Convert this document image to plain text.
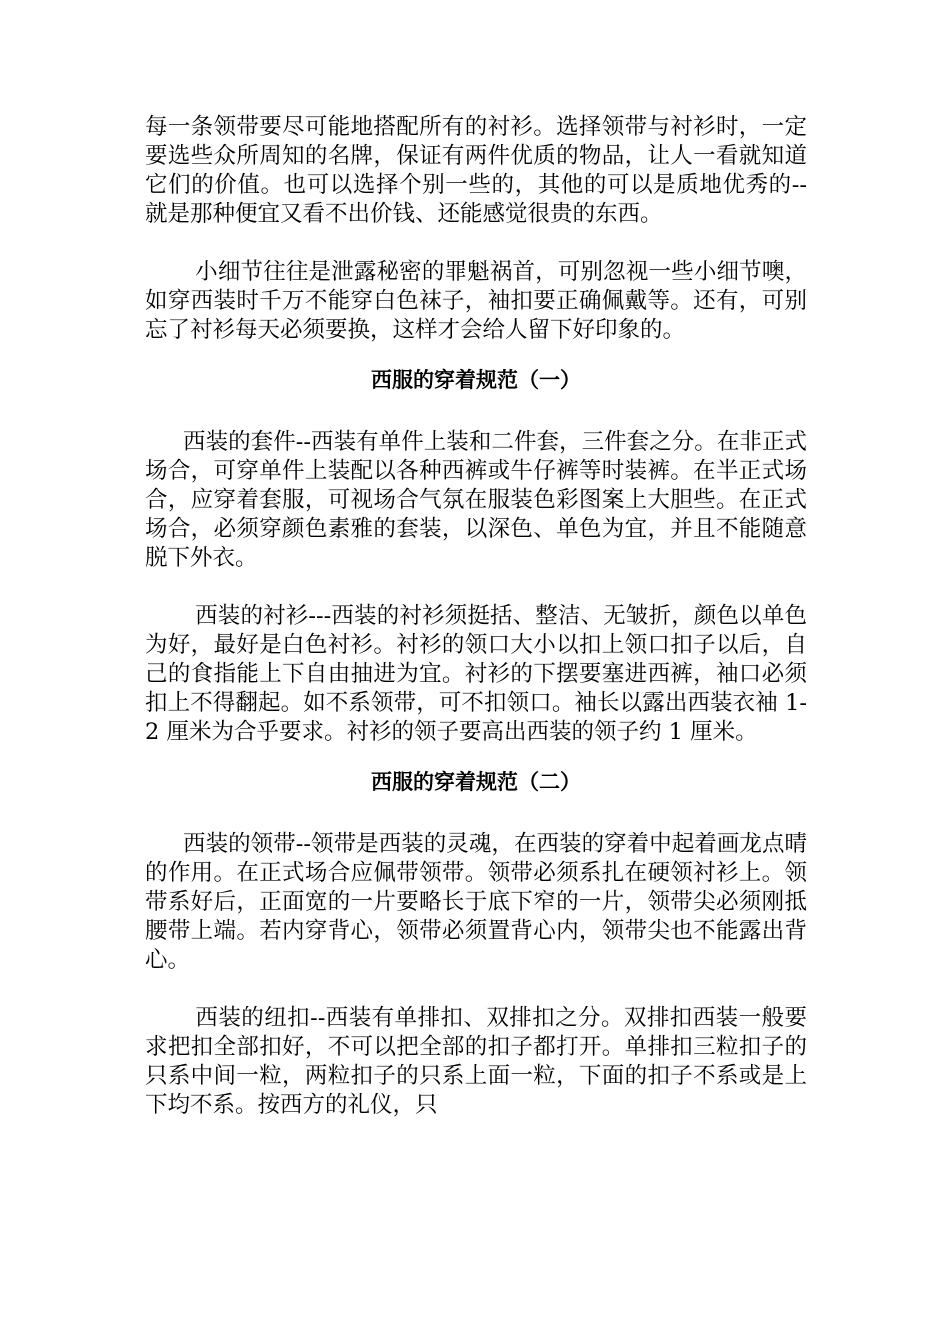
每一条领带要尽可能地搭配所有的衬衫。选择领带与衬衫时，一定要选些众所周知的名牌，保证有两件优质的物品，让人一看就知道它们的价值。也可以选择个别一些的，其他的可以是质地优秀的--就是那种便宜又看不出价钱、还能感觉很贵的东西。

小细节往往是泄露秘密的罪魁祸首，可别忽视一些小细节噢，如穿西装时千万不能穿白色袜子，袖扣要正确佩戴等。还有，可别忘了衬衫每天必须要换，这样才会给人留下好印象的。

西服的穿着规范（一）

西装的套件--西装有单件上装和二件套，三件套之分。在非正式场合，可穿单件上装配以各种西裤或牛仔裤等时装裤。在半正式场合，应穿着套服，可视场合气氛在服装色彩图案上大胆些。在正式场合，必须穿颜色素雅的套装，以深色、单色为宜，并且不能随意脱下外衣。

西装的衬衫---西装的衬衫须挺括、整洁、无皱折，颜色以单色为好，最好是白色衬衫。衬衫的领口大小以扣上领口扣子以后，自己的食指能上下自由抽进为宜。衬衫的下摆要塞进西裤，袖口必须扣上不得翻起。如不系领带，可不扣领口。袖长以露出西装衣袖 1-2 厘米为合乎要求。衬衫的领子要高出西装的领子约 1 厘米。

西服的穿着规范（二）

西装的领带--领带是西装的灵魂，在西装的穿着中起着画龙点晴的作用。在正式场合应佩带领带。领带必须系扎在硬领衬衫上。领带系好后，正面宽的一片要略长于底下窄的一片，领带尖必须刚抵腰带上端。若内穿背心，领带必须置背心内，领带尖也不能露出背心。

西装的纽扣--西装有单排扣、双排扣之分。双排扣西装一般要求把扣全部扣好，不可以把全部的扣子都打开。单排扣三粒扣子的只系中间一粒，两粒扣子的只系上面一粒，下面的扣子不系或是上下均不系。按西方的礼仪，只
